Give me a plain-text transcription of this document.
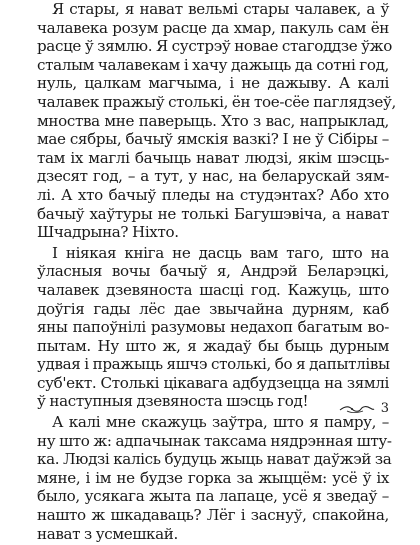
Я стары, я нават вельмі стары чалавек, а ў
чалавека розум расце да хмар, пакуль сам ён
расце ў зямлю. Я сустрэў новае стагоддзе ўжо
сталым чалавекам і хачу дажыць да сотні год,
нуль, цалкам магчыма, і не дажыву. А калі
чалавек пражыў столькі, ён тое-сёе паглядзеў,
мноства мне паверыць. Хто з вас, напрыклад,
мае сябры, бачыў ямскія вазкі? І не ў Сібіры –
там іх маглі бачыць нават людзі, якім шэсць-
дзесят год, – а тут, у нас, на беларускай зям-
лі. А хто бачыў пледы на студэнтах? Або хто
бачыў хаўтуры не толькі Багушэвіча, а нават
Шчадрына? Ніхто.
І ніякая кніга не дасць вам таго, што на
ўласныя вочы бачыў я, Андрэй Беларэцкі,
чалавек дзевяноста шасці год. Кажуць, што
доўгія гады лёс дае звычайна дурням, каб
яны папоўнілі разумовы недахоп багатым во-
пытам. Ну што ж, я жадаў бы быць дурным
удвая і пражыць яшчэ столькі, бо я дапытлівы
суб'ект. Столькі цікавага адбудзецца на зямлі
ў наступныя дзевяноста шэсць год!
А калі мне скажуць заўтра, што я памру, –
ну што ж: адпачынак таксама нядрэнная шту-
ка. Людзі калісь будуць жыць нават даўжэй за
мяне, і ім не будзе горка за жыццём: усё ў іх
было, усякага жыта па лапаце, усё я зведаў –
нашто ж шкадаваць? Лёг і заснуў, спакойна,
нават з усмешкай.
3
